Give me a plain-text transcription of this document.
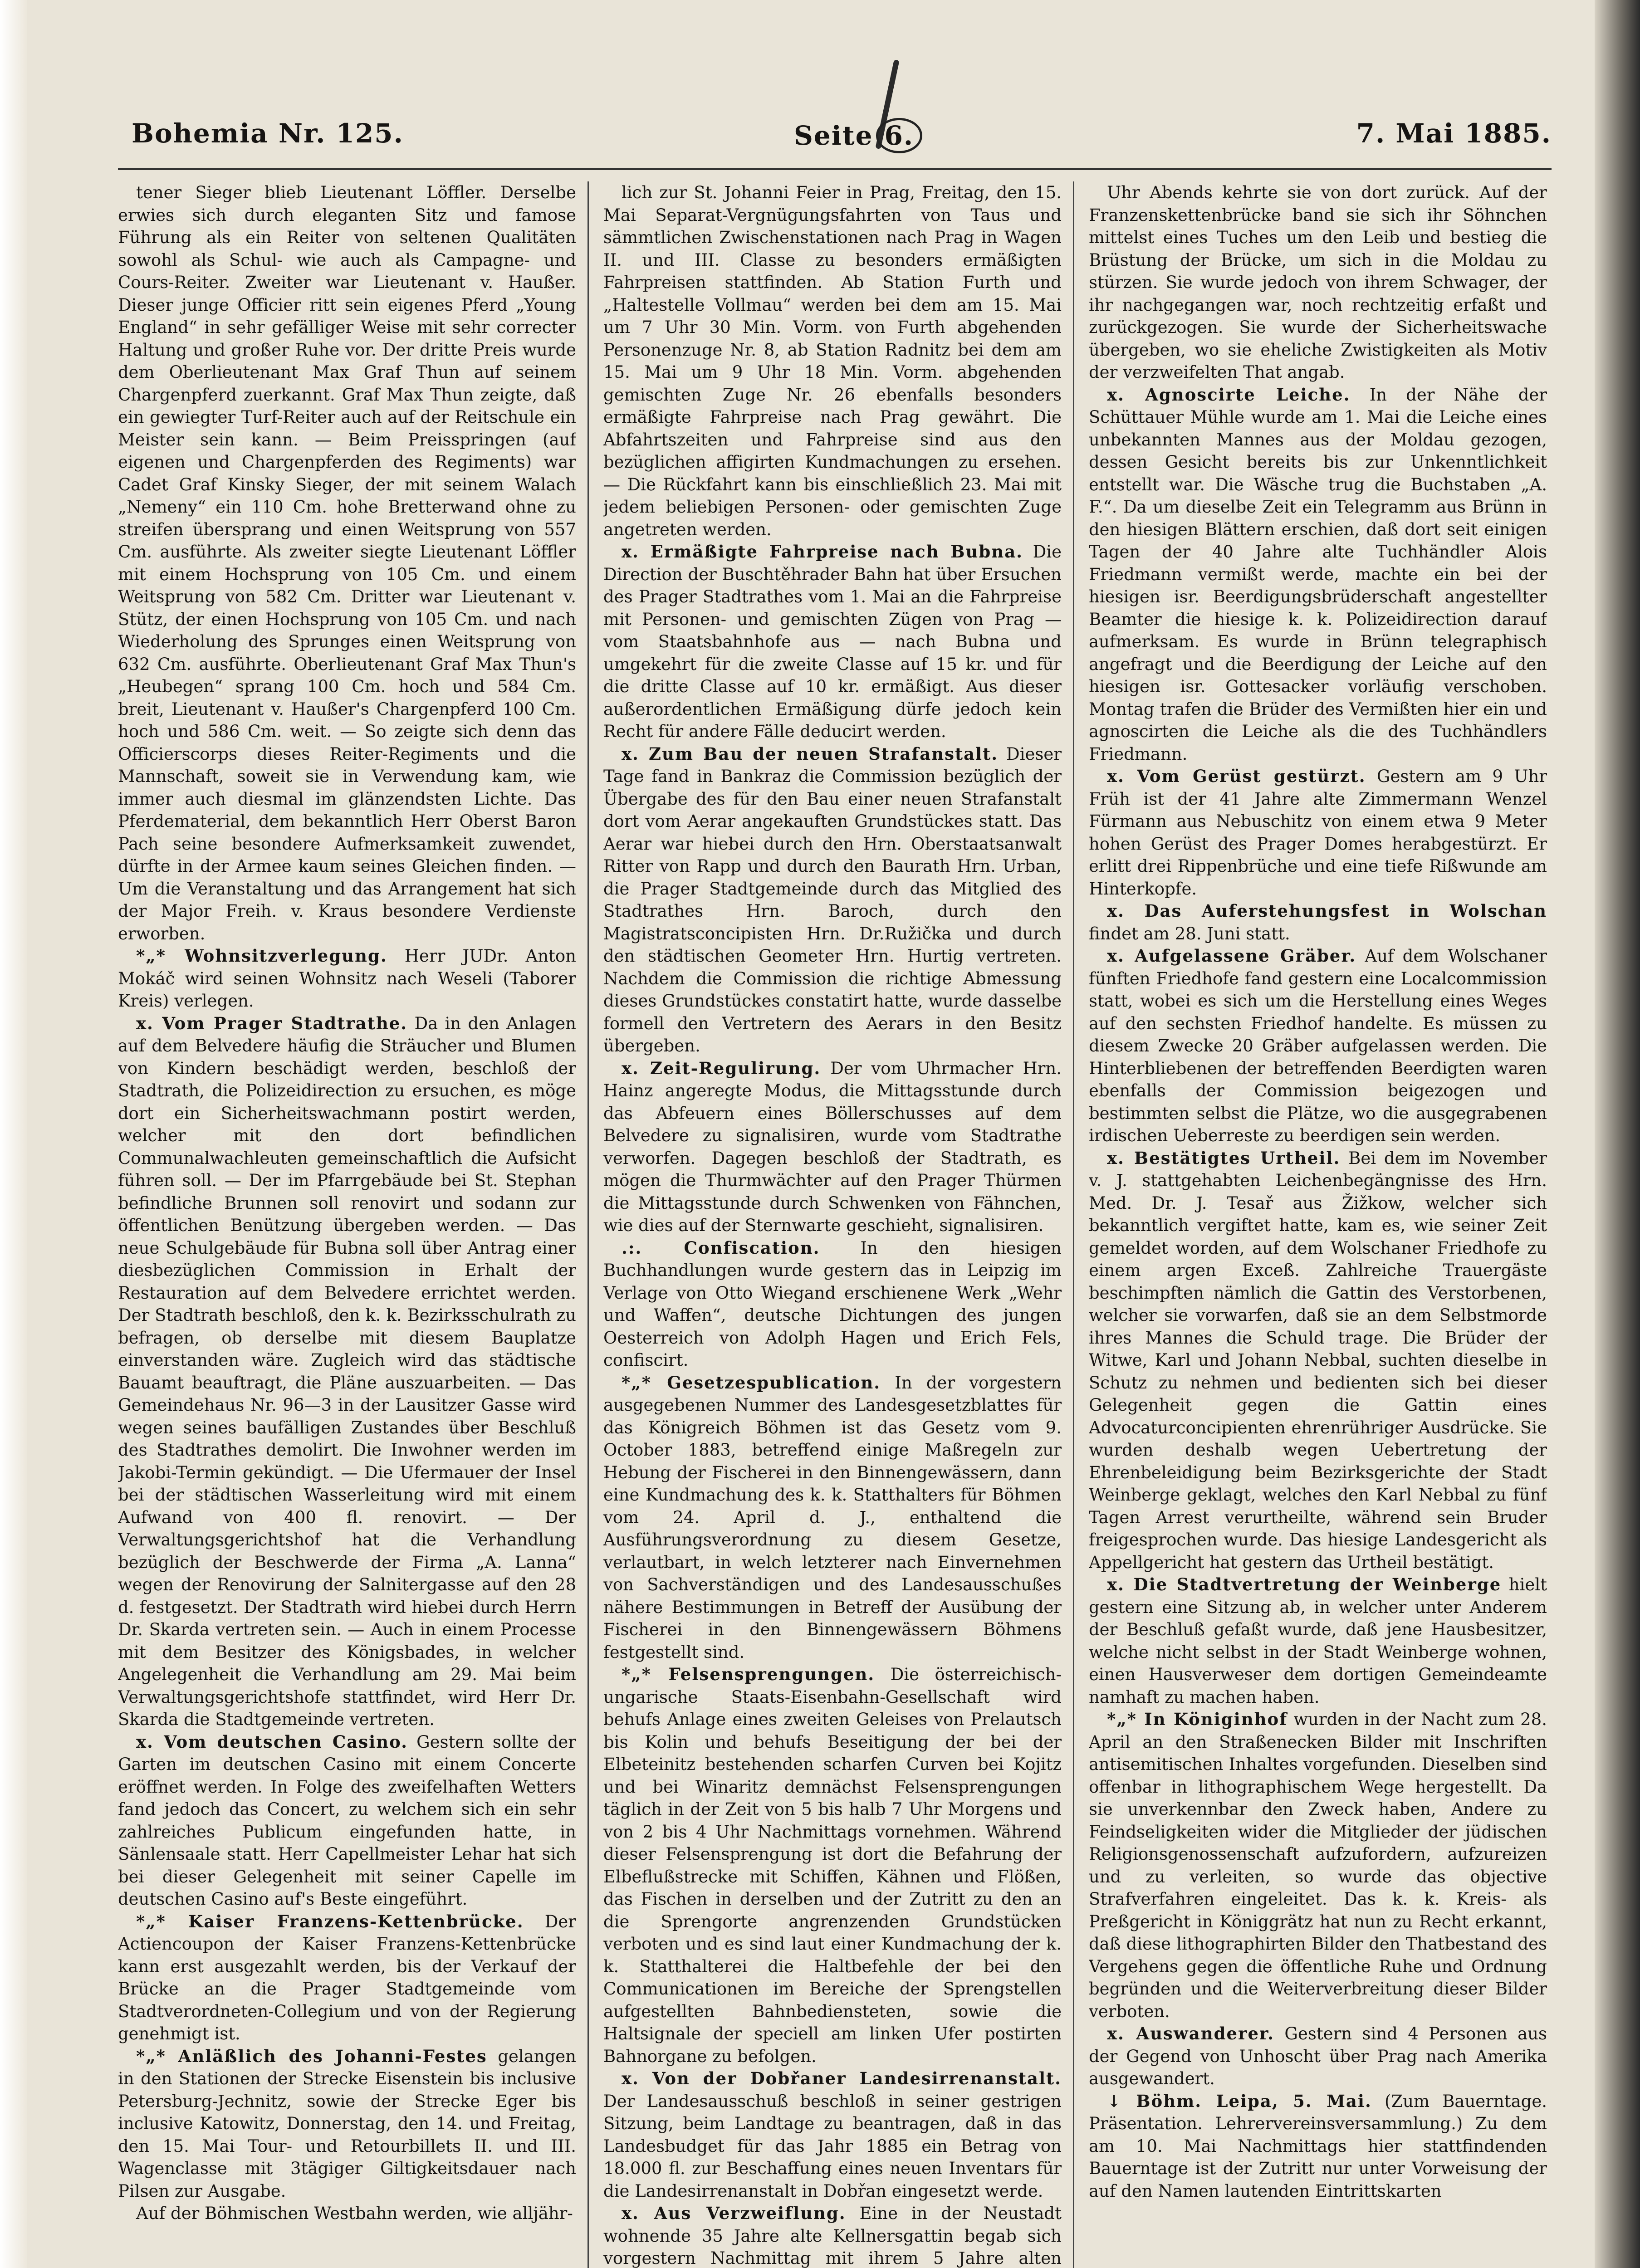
Bohemia Nr. 125.	Seite 6.	7. Mai 1885.

tener Sieger blieb Lieutenant Löffler. Derselbe erwies sich durch eleganten Sitz und famose Führung als ein Reiter von seltenen Qualitäten sowohl als Schul- wie auch als Campagne- und Cours-Reiter. Zweiter war Lieutenant v. Haußer. Dieser junge Officier ritt sein eigenes Pferd „Young England“ in sehr gefälliger Weise mit sehr correcter Haltung und großer Ruhe vor. Der dritte Preis wurde dem Oberlieutenant Max Graf Thun auf seinem Chargenpferd zuerkannt. Graf Max Thun zeigte, daß ein gewiegter Turf-Reiter auch auf der Reitschule ein Meister sein kann. — Beim Preisspringen (auf eigenen und Chargenpferden des Regiments) war Cadet Graf Kinsky Sieger, der mit seinem Walach „Nemeny“ ein 110 Cm. hohe Bretterwand ohne zu streifen übersprang und einen Weitsprung von 557 Cm. ausführte. Als zweiter siegte Lieutenant Löffler mit einem Hochsprung von 105 Cm. und einem Weitsprung von 582 Cm. Dritter war Lieutenant v. Stütz, der einen Hochsprung von 105 Cm. und nach Wiederholung des Sprunges einen Weitsprung von 632 Cm. ausführte. Oberlieutenant Graf Max Thun's „Heubegen“ sprang 100 Cm. hoch und 584 Cm. breit, Lieutenant v. Haußer's Chargenpferd 100 Cm. hoch und 586 Cm. weit. — So zeigte sich denn das Officierscorps dieses Reiter-Regiments und die Mannschaft, soweit sie in Verwendung kam, wie immer auch diesmal im glänzendsten Lichte. Das Pferdematerial, dem bekanntlich Herr Oberst Baron Pach seine besondere Aufmerksamkeit zuwendet, dürfte in der Armee kaum seines Gleichen finden. — Um die Veranstaltung und das Arrangement hat sich der Major Freih. v. Kraus besondere Verdienste erworben.

*„* Wohnsitzverlegung. Herr JUDr. Anton Mokáč wird seinen Wohnsitz nach Weseli (Taborer Kreis) verlegen.

x. Vom Prager Stadtrathe. Da in den Anlagen auf dem Belvedere häufig die Sträucher und Blumen von Kindern beschädigt werden, beschloß der Stadtrath, die Polizeidirection zu ersuchen, es möge dort ein Sicherheitswachmann postirt werden, welcher mit den dort befindlichen Communalwachleuten gemeinschaftlich die Aufsicht führen soll. — Der im Pfarrgebäude bei St. Stephan befindliche Brunnen soll renovirt und sodann zur öffentlichen Benützung übergeben werden. — Das neue Schulgebäude für Bubna soll über Antrag einer diesbezüglichen Commission in Erhalt der Restauration auf dem Belvedere errichtet werden. Der Stadtrath beschloß, den k. k. Bezirksschulrath zu befragen, ob derselbe mit diesem Bauplatze einverstanden wäre. Zugleich wird das städtische Bauamt beauftragt, die Pläne auszuarbeiten. — Das Gemeindehaus Nr. 96—3 in der Lausitzer Gasse wird wegen seines baufälligen Zustandes über Beschluß des Stadtrathes demolirt. Die Inwohner werden im Jakobi-Termin gekündigt. — Die Ufermauer der Insel bei der städtischen Wasserleitung wird mit einem Aufwand von 400 fl. renovirt. — Der Verwaltungsgerichtshof hat die Verhandlung bezüglich der Beschwerde der Firma „A. Lanna“ wegen der Renovirung der Salnitergasse auf den 28 d. festgesetzt. Der Stadtrath wird hiebei durch Herrn Dr. Skarda vertreten sein. — Auch in einem Processe mit dem Besitzer des Königsbades, in welcher Angelegenheit die Verhandlung am 29. Mai beim Verwaltungsgerichtshofe stattfindet, wird Herr Dr. Skarda die Stadtgemeinde vertreten.

x. Vom deutschen Casino. Gestern sollte der Garten im deutschen Casino mit einem Concerte eröffnet werden. In Folge des zweifelhaften Wetters fand jedoch das Concert, zu welchem sich ein sehr zahlreiches Publicum eingefunden hatte, in Sänlensaale statt. Herr Capellmeister Lehar hat sich bei dieser Gelegenheit mit seiner Capelle im deutschen Casino auf's Beste eingeführt.

*„* Kaiser Franzens-Kettenbrücke. Der Actiencoupon der Kaiser Franzens-Kettenbrücke kann erst ausgezahlt werden, bis der Verkauf der Brücke an die Prager Stadtgemeinde vom Stadtverordneten-Collegium und von der Regierung genehmigt ist.

*„* Anläßlich des Johanni-Festes gelangen in den Stationen der Strecke Eisenstein bis inclusive Petersburg-Jechnitz, sowie der Strecke Eger bis inclusive Katowitz, Donnerstag, den 14. und Freitag, den 15. Mai Tour- und Retourbillets II. und III. Wagenclasse mit 3tägiger Giltigkeitsdauer nach Pilsen zur Ausgabe.

Auf der Böhmischen Westbahn werden, wie alljähr-

lich zur St. Johanni Feier in Prag, Freitag, den 15. Mai Separat-Vergnügungsfahrten von Taus und sämmtlichen Zwischenstationen nach Prag in Wagen II. und III. Classe zu besonders ermäßigten Fahrpreisen stattfinden. Ab Station Furth und „Haltestelle Vollmau“ werden bei dem am 15. Mai um 7 Uhr 30 Min. Vorm. von Furth abgehenden Personenzuge Nr. 8, ab Station Radnitz bei dem am 15. Mai um 9 Uhr 18 Min. Vorm. abgehenden gemischten Zuge Nr. 26 ebenfalls besonders ermäßigte Fahrpreise nach Prag gewährt. Die Abfahrtszeiten und Fahrpreise sind aus den bezüglichen affigirten Kundmachungen zu ersehen. — Die Rückfahrt kann bis einschließlich 23. Mai mit jedem beliebigen Personen- oder gemischten Zuge angetreten werden.

x. Ermäßigte Fahrpreise nach Bubna. Die Direction der Buschtěhrader Bahn hat über Ersuchen des Prager Stadtrathes vom 1. Mai an die Fahrpreise mit Personen- und gemischten Zügen von Prag — vom Staatsbahnhofe aus — nach Bubna und umgekehrt für die zweite Classe auf 15 kr. und für die dritte Classe auf 10 kr. ermäßigt. Aus dieser außerordentlichen Ermäßigung dürfe jedoch kein Recht für andere Fälle deducirt werden.

x. Zum Bau der neuen Strafanstalt. Dieser Tage fand in Bankraz die Commission bezüglich der Übergabe des für den Bau einer neuen Strafanstalt dort vom Aerar angekauften Grundstückes statt. Das Aerar war hiebei durch den Hrn. Oberstaatsanwalt Ritter von Rapp und durch den Baurath Hrn. Urban, die Prager Stadtgemeinde durch das Mitglied des Stadtrathes Hrn. Baroch, durch den Magistratsconcipisten Hrn. Dr.Ružička und durch den städtischen Geometer Hrn. Hurtig vertreten. Nachdem die Commission die richtige Abmessung dieses Grundstückes constatirt hatte, wurde dasselbe formell den Vertretern des Aerars in den Besitz übergeben.

x. Zeit-Regulirung. Der vom Uhrmacher Hrn. Hainz angeregte Modus, die Mittagsstunde durch das Abfeuern eines Böllerschusses auf dem Belvedere zu signalisiren, wurde vom Stadtrathe verworfen. Dagegen beschloß der Stadtrath, es mögen die Thurmwächter auf den Prager Thürmen die Mittagsstunde durch Schwenken von Fähnchen, wie dies auf der Sternwarte geschieht, signalisiren.

.:. Confiscation. In den hiesigen Buchhandlungen wurde gestern das in Leipzig im Verlage von Otto Wiegand erschienene Werk „Wehr und Waffen“, deutsche Dichtungen des jungen Oesterreich von Adolph Hagen und Erich Fels, confiscirt.

*„* Gesetzespublication. In der vorgestern ausgegebenen Nummer des Landesgesetzblattes für das Königreich Böhmen ist das Gesetz vom 9. October 1883, betreffend einige Maßregeln zur Hebung der Fischerei in den Binnengewässern, dann eine Kundmachung des k. k. Statthalters für Böhmen vom 24. April d. J., enthaltend die Ausführungsverordnung zu diesem Gesetze, verlautbart, in welch letzterer nach Einvernehmen von Sachverständigen und des Landesausschußes nähere Bestimmungen in Betreff der Ausübung der Fischerei in den Binnengewässern Böhmens festgestellt sind.

*„* Felsensprengungen. Die österreichisch-ungarische Staats-Eisenbahn-Gesellschaft wird behufs Anlage eines zweiten Geleises von Prelautsch bis Kolin und behufs Beseitigung der bei der Elbeteinitz bestehenden scharfen Curven bei Kojitz und bei Winaritz demnächst Felsensprengungen täglich in der Zeit von 5 bis halb 7 Uhr Morgens und von 2 bis 4 Uhr Nachmittags vornehmen. Während dieser Felsensprengung ist dort die Befahrung der Elbeflußstrecke mit Schiffen, Kähnen und Flößen, das Fischen in derselben und der Zutritt zu den an die Sprengorte angrenzenden Grundstücken verboten und es sind laut einer Kundmachung der k. k. Statthalterei die Haltbefehle der bei den Communicationen im Bereiche der Sprengstellen aufgestellten Bahnbediensteten, sowie die Haltsignale der speciell am linken Ufer postirten Bahnorgane zu befolgen.

x. Von der Dobřaner Landesirrenanstalt. Der Landesausschuß beschloß in seiner gestrigen Sitzung, beim Landtage zu beantragen, daß in das Landesbudget für das Jahr 1885 ein Betrag von 18.000 fl. zur Beschaffung eines neuen Inventars für die Landesirrenanstalt in Dobřan eingesetzt werde.

x. Aus Verzweiflung. Eine in der Neustadt wohnende 35 Jahre alte Kellnersgattin begab sich vorgestern Nachmittag mit ihrem 5 Jahre alten

Uhr Abends kehrte sie von dort zurück. Auf der Franzenskettenbrücke band sie sich ihr Söhnchen mittelst eines Tuches um den Leib und bestieg die Brüstung der Brücke, um sich in die Moldau zu stürzen. Sie wurde jedoch von ihrem Schwager, der ihr nachgegangen war, noch rechtzeitig erfaßt und zurückgezogen. Sie wurde der Sicherheitswache übergeben, wo sie eheliche Zwistigkeiten als Motiv der verzweifelten That angab.

x. Agnoscirte Leiche. In der Nähe der Schüttauer Mühle wurde am 1. Mai die Leiche eines unbekannten Mannes aus der Moldau gezogen, dessen Gesicht bereits bis zur Unkenntlichkeit entstellt war. Die Wäsche trug die Buchstaben „A. F.“. Da um dieselbe Zeit ein Telegramm aus Brünn in den hiesigen Blättern erschien, daß dort seit einigen Tagen der 40 Jahre alte Tuchhändler Alois Friedmann vermißt werde, machte ein bei der hiesigen isr. Beerdigungsbrüderschaft angestellter Beamter die hiesige k. k. Polizeidirection darauf aufmerksam. Es wurde in Brünn telegraphisch angefragt und die Beerdigung der Leiche auf den hiesigen isr. Gottesacker vorläufig verschoben. Montag trafen die Brüder des Vermißten hier ein und agnoscirten die Leiche als die des Tuchhändlers Friedmann.

x. Vom Gerüst gestürzt. Gestern am 9 Uhr Früh ist der 41 Jahre alte Zimmermann Wenzel Fürmann aus Nebuschitz von einem etwa 9 Meter hohen Gerüst des Prager Domes herabgestürzt. Er erlitt drei Rippenbrüche und eine tiefe Rißwunde am Hinterkopfe.

x. Das Auferstehungsfest in Wolschan findet am 28. Juni statt.

x. Aufgelassene Gräber. Auf dem Wolschaner fünften Friedhofe fand gestern eine Localcommission statt, wobei es sich um die Herstellung eines Weges auf den sechsten Friedhof handelte. Es müssen zu diesem Zwecke 20 Gräber aufgelassen werden. Die Hinterbliebenen der betreffenden Beerdigten waren ebenfalls der Commission beigezogen und bestimmten selbst die Plätze, wo die ausgegrabenen irdischen Ueberreste zu beerdigen sein werden.

x. Bestätigtes Urtheil. Bei dem im November v. J. stattgehabten Leichenbegängnisse des Hrn. Med. Dr. J. Tesař aus Žižkow, welcher sich bekanntlich vergiftet hatte, kam es, wie seiner Zeit gemeldet worden, auf dem Wolschaner Friedhofe zu einem argen Exceß. Zahlreiche Trauergäste beschimpften nämlich die Gattin des Verstorbenen, welcher sie vorwarfen, daß sie an dem Selbstmorde ihres Mannes die Schuld trage. Die Brüder der Witwe, Karl und Johann Nebbal, suchten dieselbe in Schutz zu nehmen und bedienten sich bei dieser Gelegenheit gegen die Gattin eines Advocaturconcipienten ehrenrühriger Ausdrücke. Sie wurden deshalb wegen Uebertretung der Ehrenbeleidigung beim Bezirksgerichte der Stadt Weinberge geklagt, welches den Karl Nebbal zu fünf Tagen Arrest verurtheilte, während sein Bruder freigesprochen wurde. Das hiesige Landesgericht als Appellgericht hat gestern das Urtheil bestätigt.

x. Die Stadtvertretung der Weinberge hielt gestern eine Sitzung ab, in welcher unter Anderem der Beschluß gefaßt wurde, daß jene Hausbesitzer, welche nicht selbst in der Stadt Weinberge wohnen, einen Hausverweser dem dortigen Gemeindeamte namhaft zu machen haben.

*„* In Königinhof wurden in der Nacht zum 28. April an den Straßenecken Bilder mit Inschriften antisemitischen Inhaltes vorgefunden. Dieselben sind offenbar in lithographischem Wege hergestellt. Da sie unverkennbar den Zweck haben, Andere zu Feindseligkeiten wider die Mitglieder der jüdischen Religionsgenossenschaft aufzufordern, aufzureizen und zu verleiten, so wurde das objective Strafverfahren eingeleitet. Das k. k. Kreis- als Preßgericht in Königgrätz hat nun zu Recht erkannt, daß diese lithographirten Bilder den Thatbestand des Vergehens gegen die öffentliche Ruhe und Ordnung begründen und die Weiterverbreitung dieser Bilder verboten.

x. Auswanderer. Gestern sind 4 Personen aus der Gegend von Unhoscht über Prag nach Amerika ausgewandert.

↓ Böhm. Leipa, 5. Mai. (Zum Bauerntage. Präsentation. Lehrervereinsversammlung.) Zu dem am 10. Mai Nachmittags hier stattfindenden Bauerntage ist der Zutritt nur unter Vorweisung der auf den Namen lautenden Eintrittskarten
